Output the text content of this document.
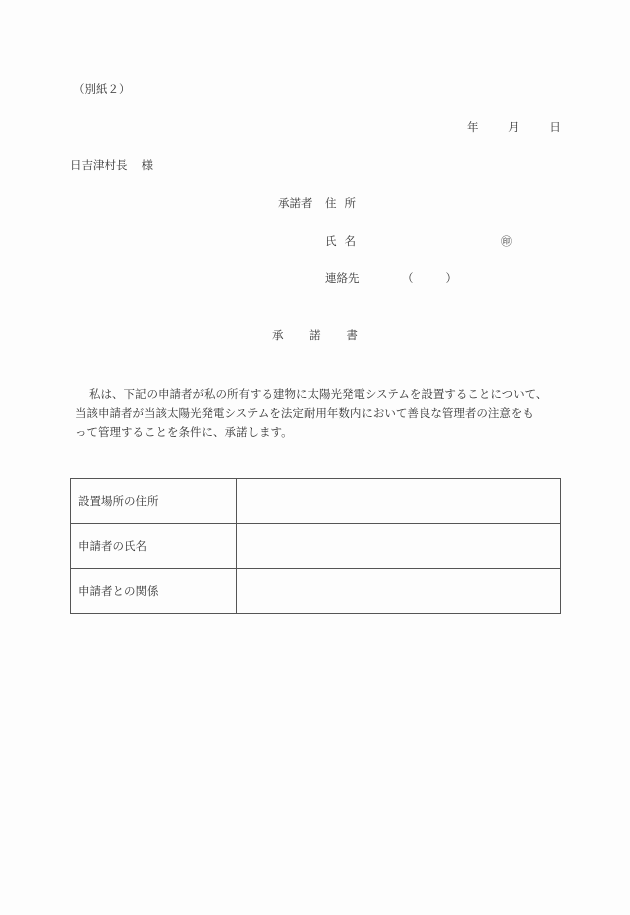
（別紙２）
年	月	日
日吉津村長 様
承諾者 住所
氏名	㊞
連絡先	（	）
承 諾 書
私は、下記の申請者が私の所有する建物に太陽光発電システムを設置することについて、
当該申請者が当該太陽光発電システムを法定耐用年数内において善良な管理者の注意をも
って管理することを条件に、承諾します。
設置場所の住所	
申請者の氏名	
申請者との関係	
